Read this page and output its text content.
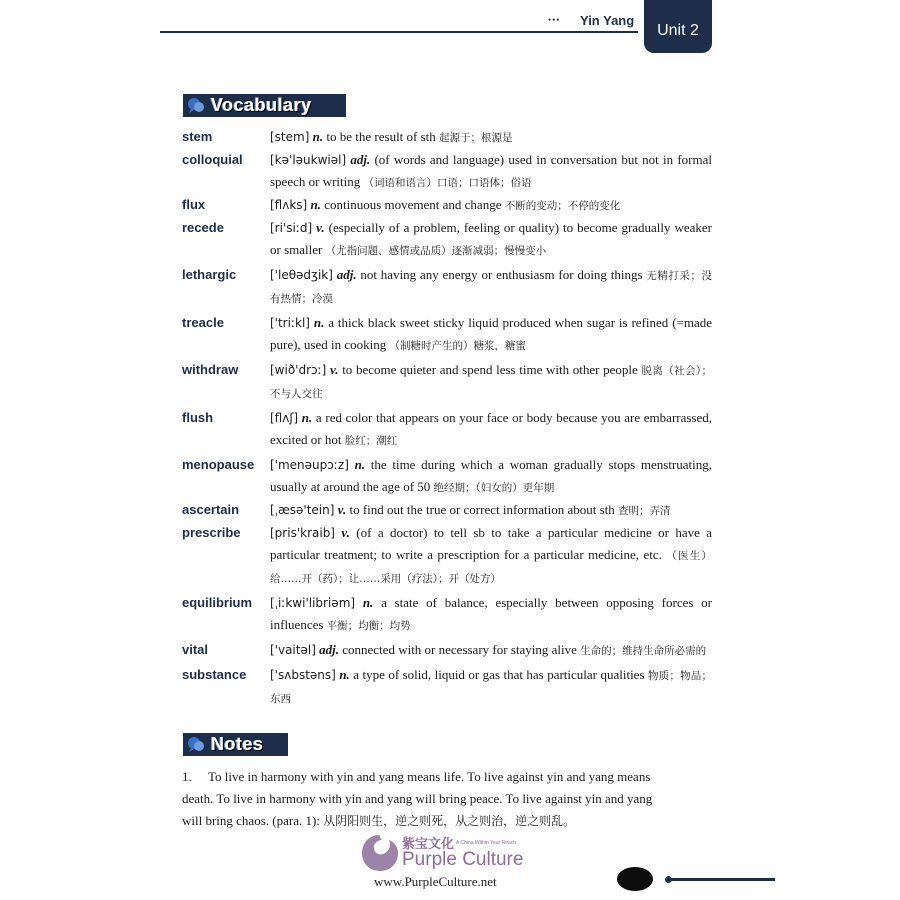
••• Yin Yang
Unit 2
Vocabulary
stem	[stem] n. to be the result of sth 起源于；根源是
colloquial	[kə'ləukwiəl] adj. (of words and language) used in conversation but not in formal speech or writing （词语和语言）口语；口语体；俗语
flux	[flʌks] n. continuous movement and change 不断的变动；不停的变化
recede	[ri'siːd] v. (especially of a problem, feeling or quality) to become gradually weaker or smaller （尤指问题、感情或品质）逐渐减弱；慢慢变小
lethargic	['leθədʒik] adj. not having any energy or enthusiasm for doing things 无精打采；没有热情；冷漠
treacle	['triːkl] n. a thick black sweet sticky liquid produced when sugar is refined (=made pure), used in cooking （制糖时产生的）糖浆，糖蜜
withdraw	[wið'drɔː] v. to become quieter and spend less time with other people 脱离（社会）；不与人交往
flush	[flʌʃ] n. a red color that appears on your face or body because you are embarrassed, excited or hot 脸红；潮红
menopause	['menəupɔːz] n. the time during which a woman gradually stops menstruating, usually at around the age of 50 绝经期；（妇女的）更年期
ascertain	[ˌæsə'tein] v. to find out the true or correct information about sth 查明；弄清
prescribe	[pris'kraib] v. (of a doctor) to tell sb to take a particular medicine or have a particular treatment; to write a prescription for a particular medicine, etc. （医生）给……开（药）；让……采用（疗法）；开（处方）
equilibrium	[ˌiːkwi'libriəm] n. a state of balance, especially between opposing forces or influences 平衡；均衡；均势
vital	['vaitəl] adj. connected with or necessary for staying alive 生命的；维持生命所必需的
substance	['sʌbstəns] n. a type of solid, liquid or gas that has particular qualities 物质；物品；东西
Notes
1. To live in harmony with yin and yang means life. To live against yin and yang means
death. To live in harmony with yin and yang will bring peace. To live against yin and yang
will bring chaos. (para. 1): 从阴阳则生，逆之则死，从之则治，逆之则乱。
紫宝文化 A China Within Your Reach
Purple Culture
www.PurpleCulture.net
